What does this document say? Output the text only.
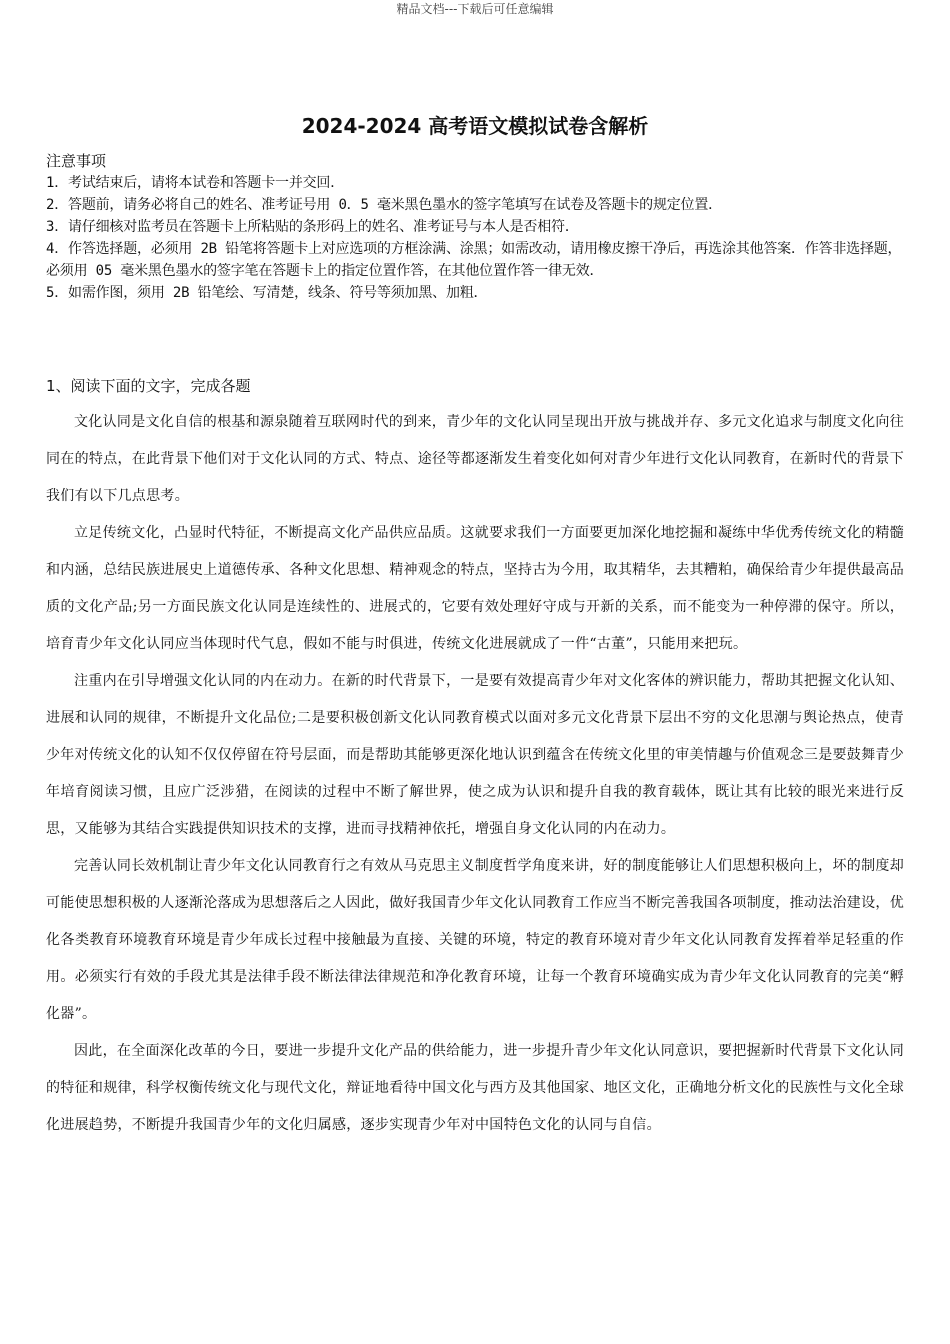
精品文档---下载后可任意编辑
2024-2024 高考语文模拟试卷含解析

注意事项

1．考试结束后，请将本试卷和答题卡一并交回．

2．答题前，请务必将自己的姓名、准考证号用 0．5 毫米黑色墨水的签字笔填写在试卷及答题卡的规定位置．

3．请仔细核对监考员在答题卡上所粘贴的条形码上的姓名、准考证号与本人是否相符．

4．作答选择题，必须用 2B 铅笔将答题卡上对应选项的方框涂满、涂黑；如需改动，请用橡皮擦干净后，再选涂其他答案．作答非选择题，必须用 05 毫米黑色墨水的签字笔在答题卡上的指定位置作答，在其他位置作答一律无效．

5．如需作图，须用 2B 铅笔绘、写清楚，线条、符号等须加黑、加粗．

1、阅读下面的文字，完成各题

文化认同是文化自信的根基和源泉随着互联网时代的到来，青少年的文化认同呈现出开放与挑战并存、多元文化追求与制度文化向往同在的特点，在此背景下他们对于文化认同的方式、特点、途径等都逐渐发生着变化如何对青少年进行文化认同教育，在新时代的背景下我们有以下几点思考。

立足传统文化，凸显时代特征，不断提高文化产品供应品质。这就要求我们一方面要更加深化地挖掘和凝练中华优秀传统文化的精髓和内涵，总结民族进展史上道德传承、各种文化思想、精神观念的特点，坚持古为今用，取其精华，去其糟粕，确保给青少年提供最高品质的文化产品;另一方面民族文化认同是连续性的、进展式的，它要有效处理好守成与开新的关系，而不能变为一种停滞的保守。所以，培育青少年文化认同应当体现时代气息，假如不能与时俱进，传统文化进展就成了一件“古董”，只能用来把玩。

注重内在引导增强文化认同的内在动力。在新的时代背景下，一是要有效提高青少年对文化客体的辨识能力，帮助其把握文化认知、进展和认同的规律，不断提升文化品位;二是要积极创新文化认同教育模式以面对多元文化背景下层出不穷的文化思潮与舆论热点，使青少年对传统文化的认知不仅仅停留在符号层面，而是帮助其能够更深化地认识到蕴含在传统文化里的审美情趣与价值观念三是要鼓舞青少年培育阅读习惯，且应广泛涉猎，在阅读的过程中不断了解世界，使之成为认识和提升自我的教育载体，既让其有比较的眼光来进行反思，又能够为其结合实践提供知识技术的支撑，进而寻找精神依托，增强自身文化认同的内在动力。

完善认同长效机制让青少年文化认同教育行之有效从马克思主义制度哲学角度来讲，好的制度能够让人们思想积极向上，坏的制度却可能使思想积极的人逐渐沦落成为思想落后之人因此，做好我国青少年文化认同教育工作应当不断完善我国各项制度，推动法治建设，优化各类教育环境教育环境是青少年成长过程中接触最为直接、关键的环境，特定的教育环境对青少年文化认同教育发挥着举足轻重的作用。必须实行有效的手段尤其是法律手段不断法律法律规范和净化教育环境，让每一个教育环境确实成为青少年文化认同教育的完美“孵化器”。

因此，在全面深化改革的今日，要进一步提升文化产品的供给能力，进一步提升青少年文化认同意识，要把握新时代背景下文化认同的特征和规律，科学权衡传统文化与现代文化，辩证地看待中国文化与西方及其他国家、地区文化，正确地分析文化的民族性与文化全球化进展趋势，不断提升我国青少年的文化归属感，逐步实现青少年对中国特色文化的认同与自信。
